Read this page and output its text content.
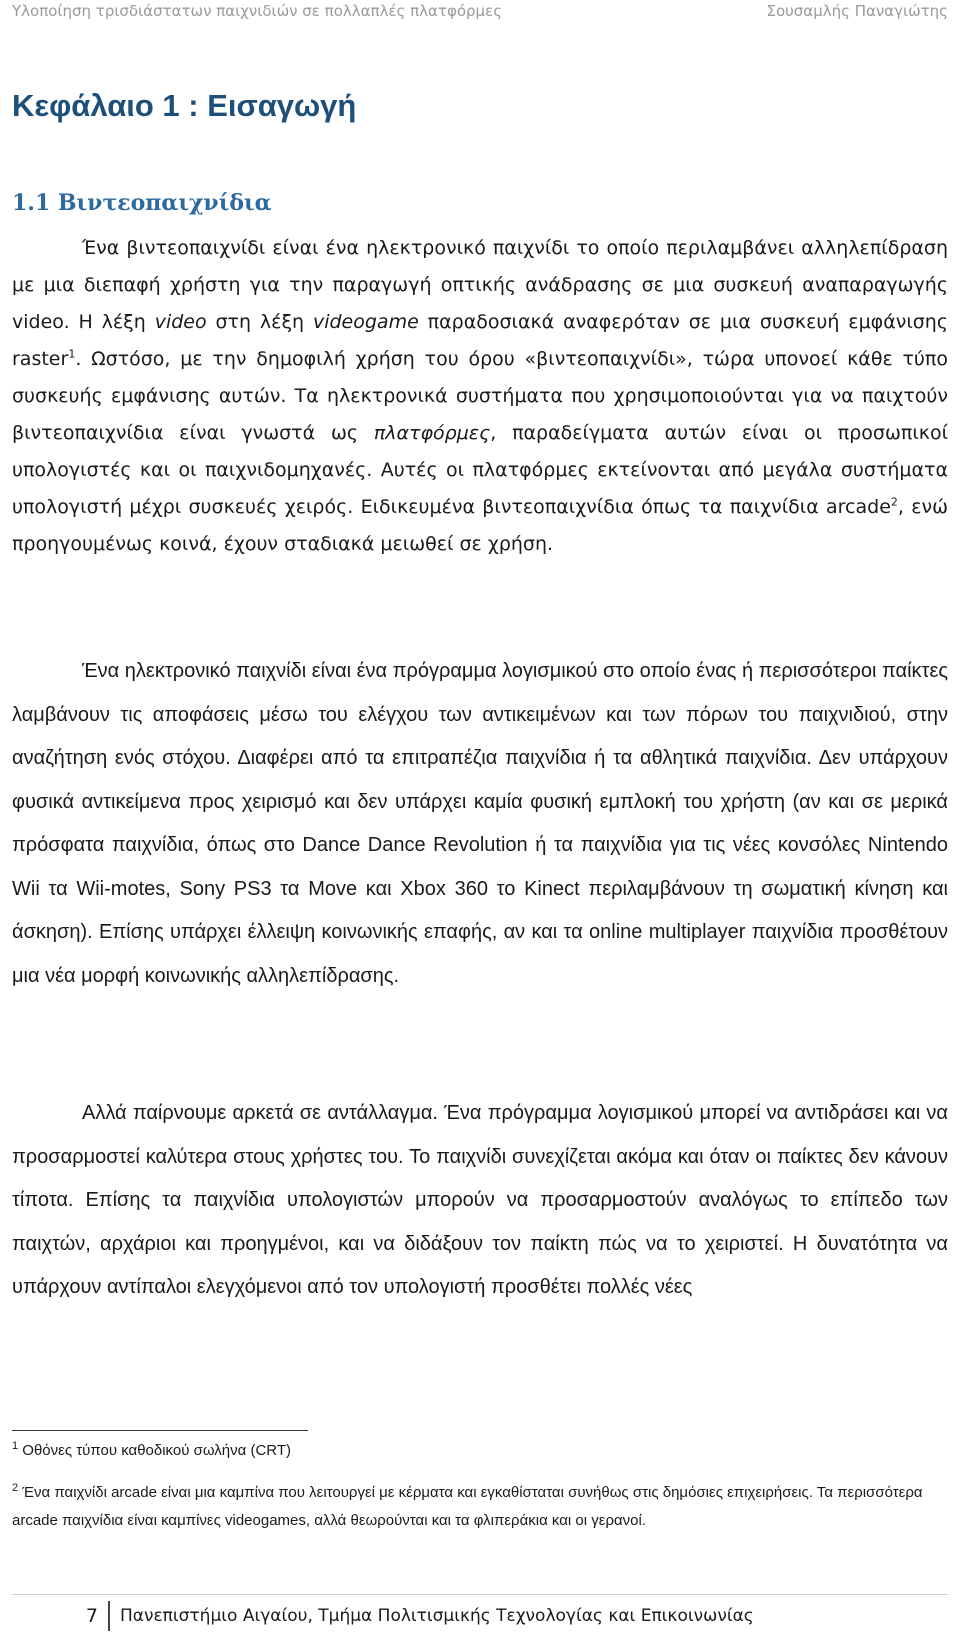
Υλοποίηση τρισδιάστατων παιχνιδιών σε πολλαπλές πλατφόρμες	Σουσαμλής Παναγιώτης
Κεφάλαιο 1 : Εισαγωγή
1.1 Βιντεοπαιχνίδια

Ένα βιντεοπαιχνίδι είναι ένα ηλεκτρονικό παιχνίδι το οποίο περιλαμβάνει αλληλεπίδραση με μια διεπαφή χρήστη για την παραγωγή οπτικής ανάδρασης σε μια συσκευή αναπαραγωγής video. Η λέξη video στη λέξη videogame παραδοσιακά αναφερόταν σε μια συσκευή εμφάνισης raster$^1$. Ωστόσο, με την δημοφιλή χρήση του όρου «βιντεοπαιχνίδι», τώρα υπονοεί κάθε τύπο συσκευής εμφάνισης αυτών. Τα ηλεκτρονικά συστήματα που χρησιμοποιούνται για να παιχτούν βιντεοπαιχνίδια είναι γνωστά ως πλατφόρμες, παραδείγματα αυτών είναι οι προσωπικοί υπολογιστές και οι παιχνιδομηχανές. Αυτές οι πλατφόρμες εκτείνονται από μεγάλα συστήματα υπολογιστή μέχρι συσκευές χειρός. Ειδικευμένα βιντεοπαιχνίδια όπως τα παιχνίδια arcade$^2$, ενώ προηγουμένως κοινά, έχουν σταδιακά μειωθεί σε χρήση.

Ένα ηλεκτρονικό παιχνίδι είναι ένα πρόγραμμα λογισμικού στο οποίο ένας ή περισσότεροι παίκτες λαμβάνουν τις αποφάσεις μέσω του ελέγχου των αντικειμένων και των πόρων του παιχνιδιού, στην αναζήτηση ενός στόχου. Διαφέρει από τα επιτραπέζια παιχνίδια ή τα αθλητικά παιχνίδια. Δεν υπάρχουν φυσικά αντικείμενα προς χειρισμό και δεν υπάρχει καμία φυσική εμπλοκή του χρήστη (αν και σε μερικά πρόσφατα παιχνίδια, όπως στο Dance Dance Revolution ή τα παιχνίδια για τις νέες κονσόλες Nintendo Wii τα Wii-motes, Sony PS3 τα Move και Xbox 360 το Kinect περιλαμβάνουν τη σωματική κίνηση και άσκηση). Επίσης υπάρχει έλλειψη κοινωνικής επαφής, αν και τα online multiplayer παιχνίδια προσθέτουν μια νέα μορφή κοινωνικής αλληλεπίδρασης.

Αλλά παίρνουμε αρκετά σε αντάλλαγμα. Ένα πρόγραμμα λογισμικού μπορεί να αντιδράσει και να προσαρμοστεί καλύτερα στους χρήστες του. Το παιχνίδι συνεχίζεται ακόμα και όταν οι παίκτες δεν κάνουν τίποτα. Επίσης τα παιχνίδια υπολογιστών μπορούν να προσαρμοστούν αναλόγως το επίπεδο των παιχτών, αρχάριοι και προηγμένοι, και να διδάξουν τον παίκτη πώς να το χειριστεί. Η δυνατότητα να υπάρχουν αντίπαλοι ελεγχόμενοι από τον υπολογιστή προσθέτει πολλές νέες

$^1$ Οθόνες τύπου καθοδικού σωλήνα (CRT)

$^2$ Ένα παιχνίδι arcade είναι μια καμπίνα που λειτουργεί με κέρματα και εγκαθίσταται συνήθως στις δημόσιες επιχειρήσεις. Τα περισσότερα arcade παιχνίδια είναι καμπίνες videogames, αλλά θεωρούνται και τα φλιπεράκια και οι γερανοί.

7	Πανεπιστήμιο Αιγαίου, Τμήμα Πολιτισμικής Τεχνολογίας και Επικοινωνίας
